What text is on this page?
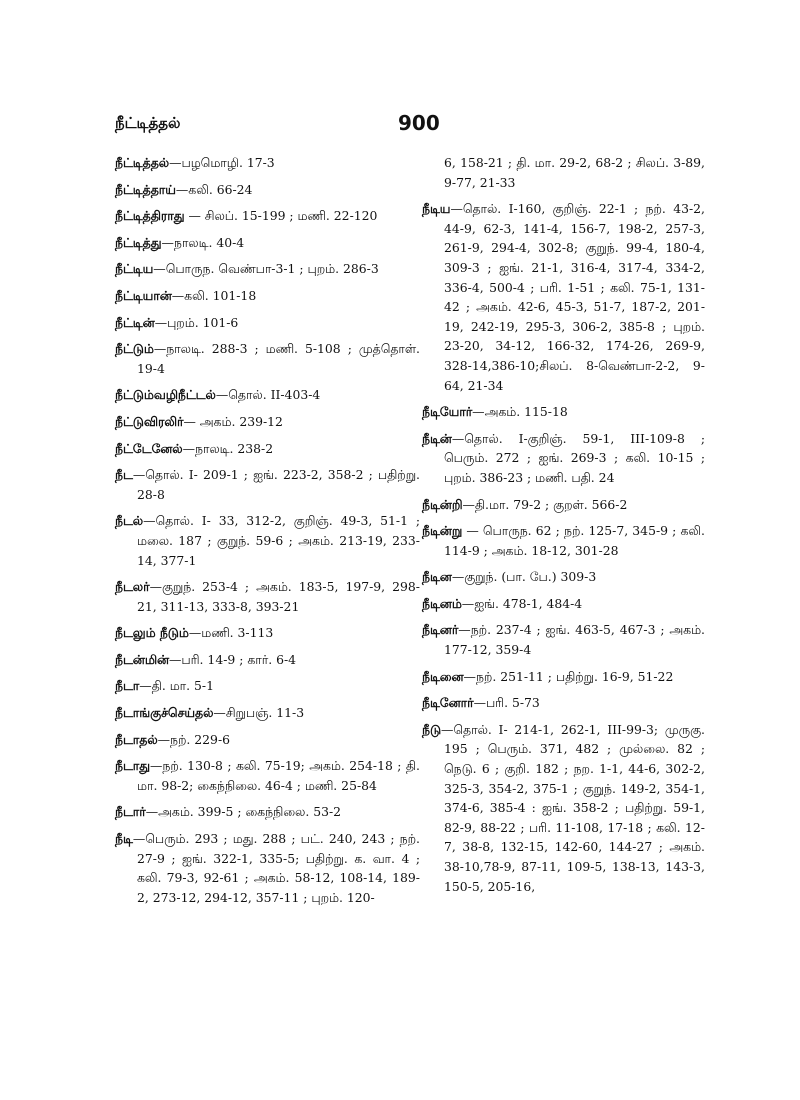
நீட்டித்தல்	900
நீட்டித்தல்—பழமொழி. 17-3
நீட்டித்தாய்—கலி. 66-24
நீட்டித்திராது — சிலப். 15-199 ; மணி. 22-120
நீட்டித்து—நாலடி. 40-4
நீட்டிய—பொருந. வெண்பா-3-1 ; புறம். 286-3
நீட்டியான்—கலி. 101-18
நீட்டின்—புறம். 101-6
நீட்டும்—நாலடி. 288-3 ; மணி. 5-108 ; முத்தொள். 19-4
நீட்டும்வழிநீட்டல்—தொல். II-403-4
நீட்டுவிரலிர்— அகம். 239-12
நீட்டேனேல்—நாலடி. 238-2
நீட—தொல். I- 209-1 ; ஐங். 223-2, 358-2 ; பதிற்று. 28-8
நீடல்—தொல். I- 33, 312-2, குறிஞ். 49-3, 51-1 ; மலை. 187 ; குறுந். 59-6 ; அகம். 213-19, 233-14, 377-1
நீடலர்—குறுந். 253-4 ; அகம். 183-5, 197-9, 298-21, 311-13, 333-8, 393-21
நீடலும் நீடும்—மணி. 3-113
நீடன்மின்—பரி. 14-9 ; கார். 6-4
நீடா—தி. மா. 5-1
நீடாங்குச்செய்தல்—சிறுபஞ். 11-3
நீடாதல்—நற். 229-6
நீடாது—நற். 130-8 ; கலி. 75-19; அகம். 254-18 ; தி. மா. 98-2; கைந்நிலை. 46-4 ; மணி. 25-84
நீடார்—அகம். 399-5 ; கைந்நிலை. 53-2
நீடி—பெரும். 293 ; மது. 288 ; பட். 240, 243 ; நற். 27-9 ; ஐங். 322-1, 335-5; பதிற்று. க. வா. 4 ; கலி. 79-3, 92-61 ; அகம். 58-12, 108-14, 189-2, 273-12, 294-12, 357-11 ; புறம். 120-
6, 158-21 ; தி. மா. 29-2, 68-2 ; சிலப். 3-89, 9-77, 21-33
நீடிய—தொல். I-160, குறிஞ். 22-1 ; நற். 43-2, 44-9, 62-3, 141-4, 156-7, 198-2, 257-3, 261-9, 294-4, 302-8; குறுந். 99-4, 180-4, 309-3 ; ஐங். 21-1, 316-4, 317-4, 334-2, 336-4, 500-4 ; பரி. 1-51 ; கலி. 75-1, 131-42 ; அகம். 42-6, 45-3, 51-7, 187-2, 201-19, 242-19, 295-3, 306-2, 385-8 ; புறம். 23-20, 34-12, 166-32, 174-26, 269-9, 328-14,386-10;சிலப். 8-வெண்பா-2-2, 9-64, 21-34
நீடியோர்—அகம். 115-18
நீடின்—தொல். I-குறிஞ். 59-1, III-109-8 ; பெரும். 272 ; ஐங். 269-3 ; கலி. 10-15 ; புறம். 386-23 ; மணி. பதி. 24
நீடின்றி—தி.மா. 79-2 ; குறள். 566-2
நீடின்று — பொருந. 62 ; நற். 125-7, 345-9 ; கலி. 114-9 ; அகம். 18-12, 301-28
நீடின—குறுந். (பா. பே.) 309-3
நீடினம்—ஐங். 478-1, 484-4
நீடினர்—நற். 237-4 ; ஐங். 463-5, 467-3 ; அகம். 177-12, 359-4
நீடினை—நற். 251-11 ; பதிற்று. 16-9, 51-22
நீடினோர்—பரி. 5-73
நீடு—தொல். I- 214-1, 262-1, III-99-3; முருகு. 195 ; பெரும். 371, 482 ; முல்லை. 82 ; நெடு. 6 ; குறி. 182 ; நற. 1-1, 44-6, 302-2, 325-3, 354-2, 375-1 ; குறுந். 149-2, 354-1, 374-6, 385-4 : ஐங். 358-2 ; பதிற்று. 59-1, 82-9, 88-22 ; பரி. 11-108, 17-18 ; கலி. 12-7, 38-8, 132-15, 142-60, 144-27 ; அகம். 38-10,78-9, 87-11, 109-5, 138-13, 143-3, 150-5, 205-16,
